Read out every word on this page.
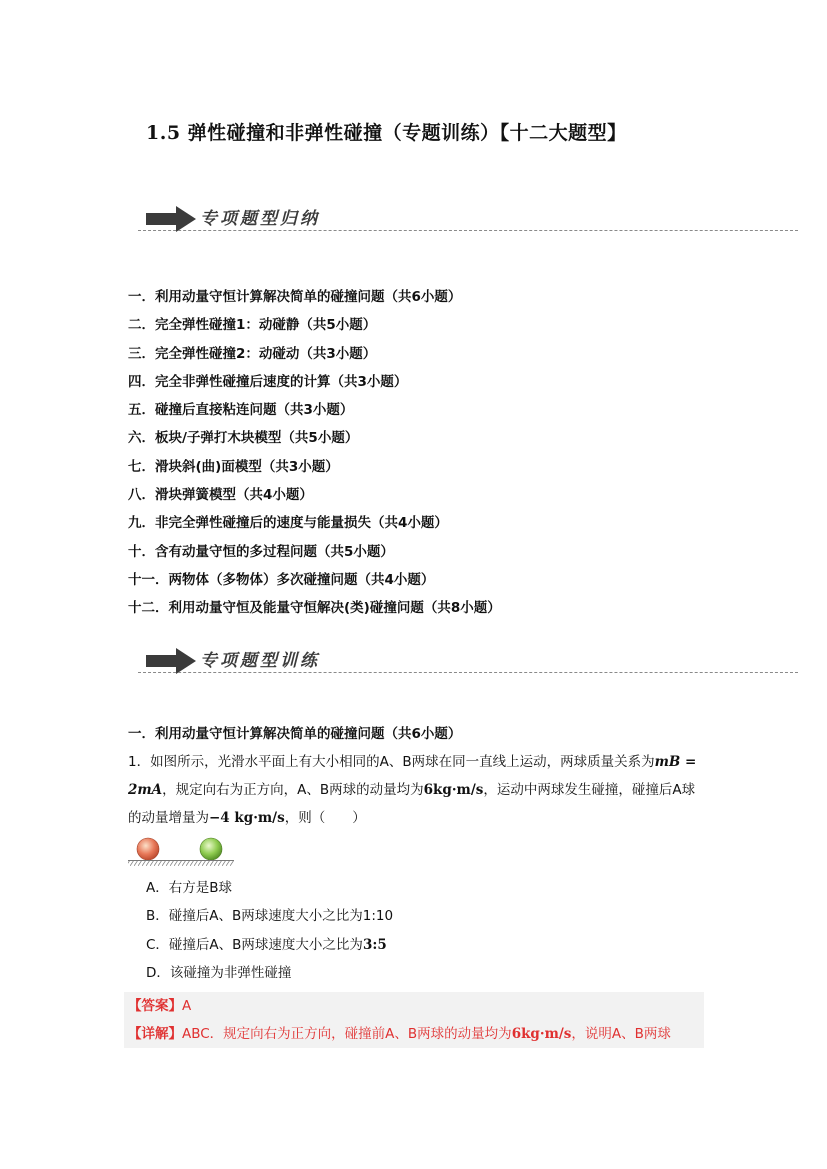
1.5 弹性碰撞和非弹性碰撞（专题训练）【十二大题型】
专项题型归纳
一．利用动量守恒计算解决简单的碰撞问题（共6小题）
二．完全弹性碰撞1：动碰静（共5小题）
三．完全弹性碰撞2：动碰动（共3小题）
四．完全非弹性碰撞后速度的计算（共3小题）
五．碰撞后直接粘连问题（共3小题）
六．板块/子弹打木块模型（共5小题）
七．滑块斜(曲)面模型（共3小题）
八．滑块弹簧模型（共4小题）
九．非完全弹性碰撞后的速度与能量损失（共4小题）
十．含有动量守恒的多过程问题（共5小题）
十一．两物体（多物体）多次碰撞问题（共4小题）
十二．利用动量守恒及能量守恒解决(类)碰撞问题（共8小题）
专项题型训练
一．利用动量守恒计算解决简单的碰撞问题（共6小题）
1．如图所示，光滑水平面上有大小相同的A、B两球在同一直线上运动，两球质量关系为mB = 2mA，规定向右为正方向，A、B两球的动量均为6kg·m/s，运动中两球发生碰撞，碰撞后A球的动量增量为−4 kg·m/s，则（　　）
A．右方是B球
B．碰撞后A、B两球速度大小之比为1:10
C．碰撞后A、B两球速度大小之比为3:5
D．该碰撞为非弹性碰撞
【答案】A
【详解】ABC．规定向右为正方向，碰撞前A、B两球的动量均为6kg·m/s，说明A、B两球
